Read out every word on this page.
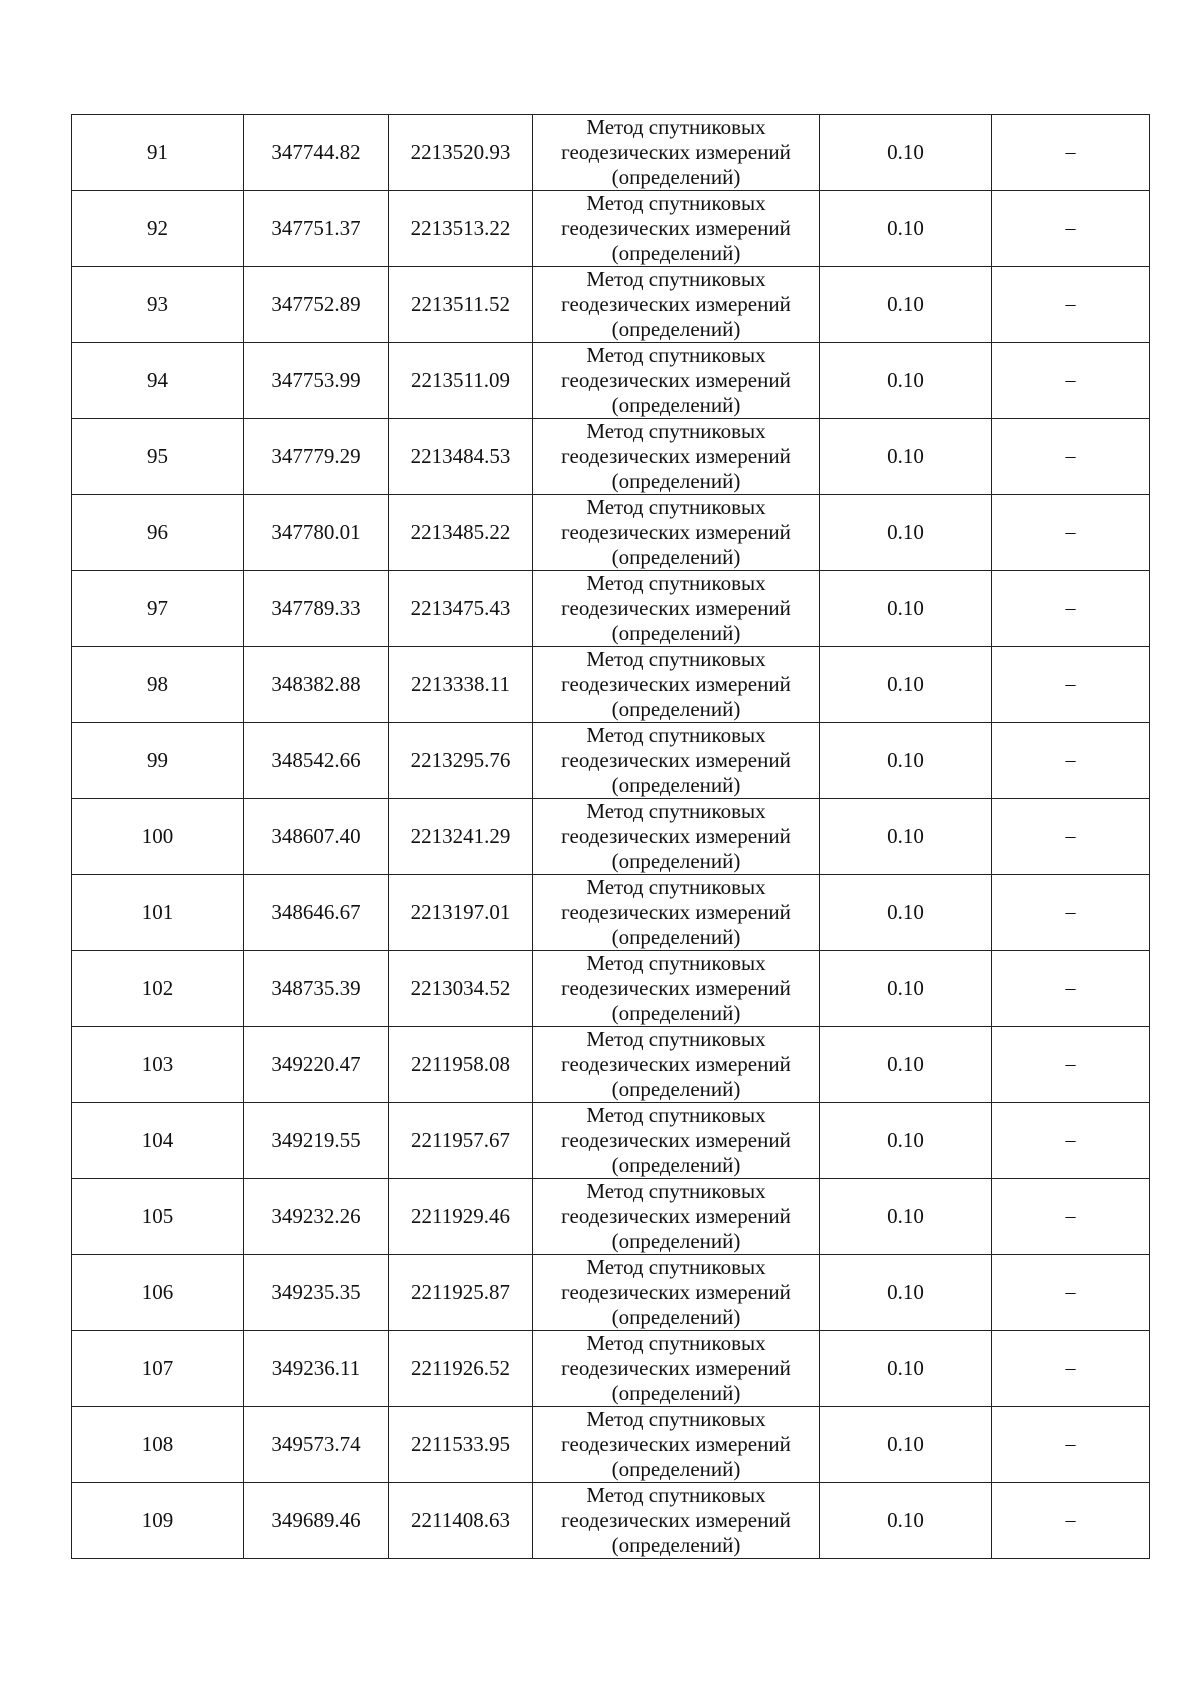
91	347744.82	2213520.93	Метод спутниковых
геодезических измерений
(определений)	0.10	–
92	347751.37	2213513.22	Метод спутниковых
геодезических измерений
(определений)	0.10	–
93	347752.89	2213511.52	Метод спутниковых
геодезических измерений
(определений)	0.10	–
94	347753.99	2213511.09	Метод спутниковых
геодезических измерений
(определений)	0.10	–
95	347779.29	2213484.53	Метод спутниковых
геодезических измерений
(определений)	0.10	–
96	347780.01	2213485.22	Метод спутниковых
геодезических измерений
(определений)	0.10	–
97	347789.33	2213475.43	Метод спутниковых
геодезических измерений
(определений)	0.10	–
98	348382.88	2213338.11	Метод спутниковых
геодезических измерений
(определений)	0.10	–
99	348542.66	2213295.76	Метод спутниковых
геодезических измерений
(определений)	0.10	–
100	348607.40	2213241.29	Метод спутниковых
геодезических измерений
(определений)	0.10	–
101	348646.67	2213197.01	Метод спутниковых
геодезических измерений
(определений)	0.10	–
102	348735.39	2213034.52	Метод спутниковых
геодезических измерений
(определений)	0.10	–
103	349220.47	2211958.08	Метод спутниковых
геодезических измерений
(определений)	0.10	–
104	349219.55	2211957.67	Метод спутниковых
геодезических измерений
(определений)	0.10	–
105	349232.26	2211929.46	Метод спутниковых
геодезических измерений
(определений)	0.10	–
106	349235.35	2211925.87	Метод спутниковых
геодезических измерений
(определений)	0.10	–
107	349236.11	2211926.52	Метод спутниковых
геодезических измерений
(определений)	0.10	–
108	349573.74	2211533.95	Метод спутниковых
геодезических измерений
(определений)	0.10	–
109	349689.46	2211408.63	Метод спутниковых
геодезических измерений
(определений)	0.10	–
